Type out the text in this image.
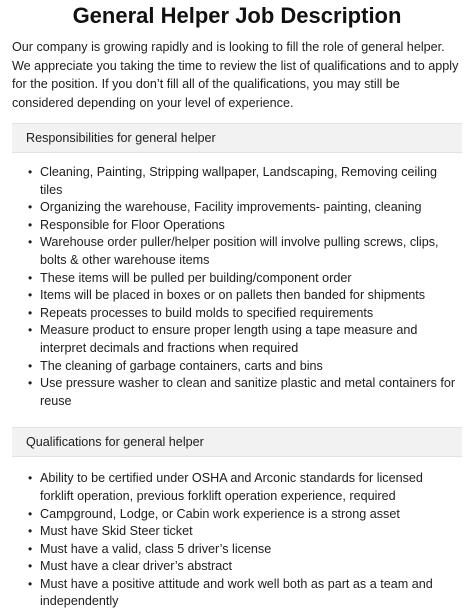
General Helper Job Description

Our company is growing rapidly and is looking to fill the role of general helper. We appreciate you taking the time to review the list of qualifications and to apply for the position. If you don’t fill all of the qualifications, you may still be considered depending on your level of experience.

Responsibilities for general helper
• Cleaning, Painting, Stripping wallpaper, Landscaping, Removing ceiling tiles
• Organizing the warehouse, Facility improvements- painting, cleaning
• Responsible for Floor Operations
• Warehouse order puller/helper position will involve pulling screws, clips, bolts & other warehouse items
• These items will be pulled per building/component order
• Items will be placed in boxes or on pallets then banded for shipments
• Repeats processes to build molds to specified requirements
• Measure product to ensure proper length using a tape measure and interpret decimals and fractions when required
• The cleaning of garbage containers, carts and bins
• Use pressure washer to clean and sanitize plastic and metal containers for reuse
Qualifications for general helper
• Ability to be certified under OSHA and Arconic standards for licensed forklift operation, previous forklift operation experience, required
• Campground, Lodge, or Cabin work experience is a strong asset
• Must have Skid Steer ticket
• Must have a valid, class 5 driver’s license
• Must have a clear driver’s abstract
• Must have a positive attitude and work well both as part as a team and independently
